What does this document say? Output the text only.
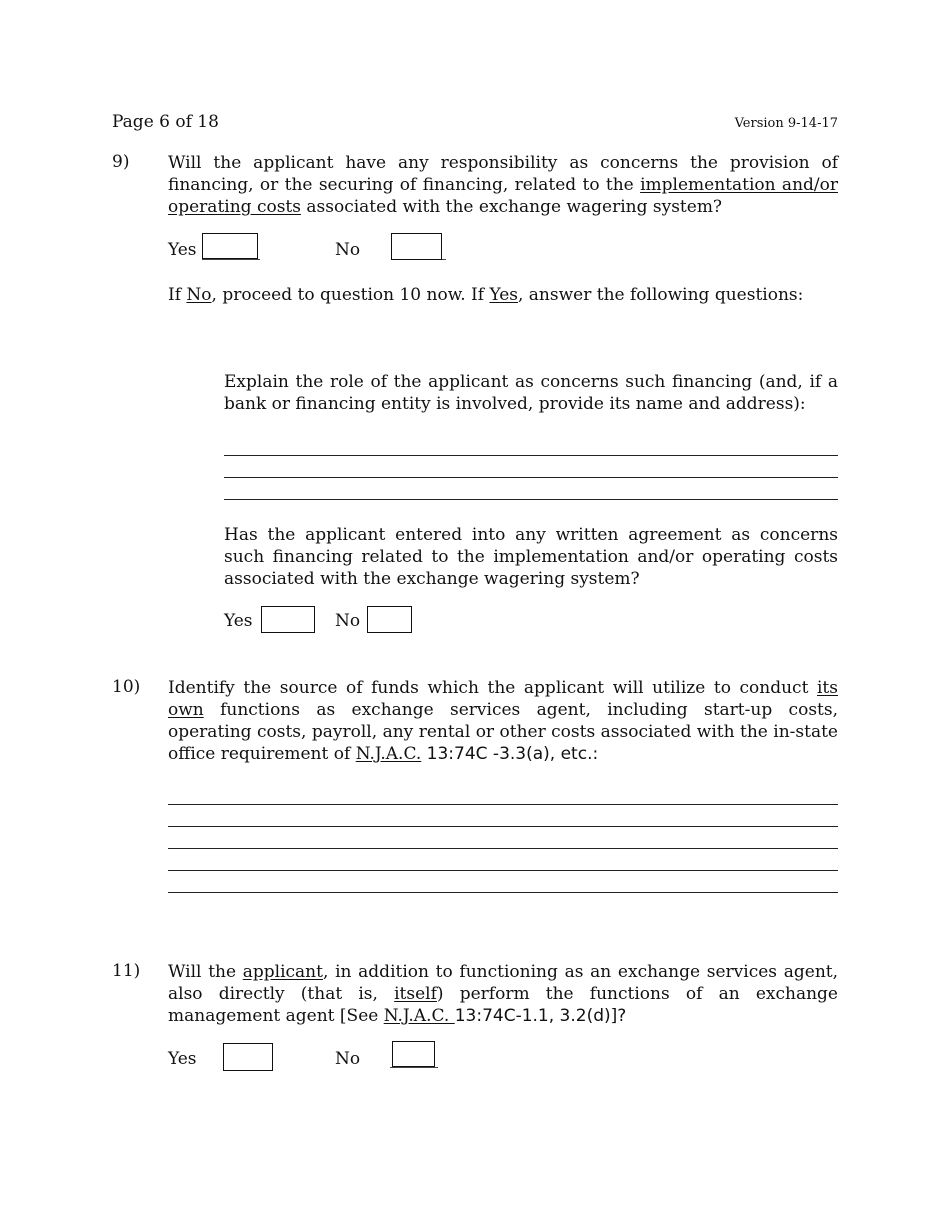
Page 6 of 18	Version 9-14-17
9) Will the applicant have any responsibility as concerns the provision of financing, or the securing of financing, related to the implementation and/or operating costs associated with the exchange wagering system?
Yes	No
If No, proceed to question 10 now. If Yes, answer the following questions:
Explain the role of the applicant as concerns such financing (and, if a bank or financing entity is involved, provide its name and address):
Has the applicant entered into any written agreement as concerns such financing related to the implementation and/or operating costs associated with the exchange wagering system?
Yes	No
10) Identify the source of funds which the applicant will utilize to conduct its own functions as exchange services agent, including start-up costs, operating costs, payroll, any rental or other costs associated with the in-state office requirement of N.J.A.C. 13:74C -3.3(a), etc.:
11) Will the applicant, in addition to functioning as an exchange services agent, also directly (that is, itself) perform the functions of an exchange management agent [See N.J.A.C. 13:74C-1.1, 3.2(d)]?
Yes	No
